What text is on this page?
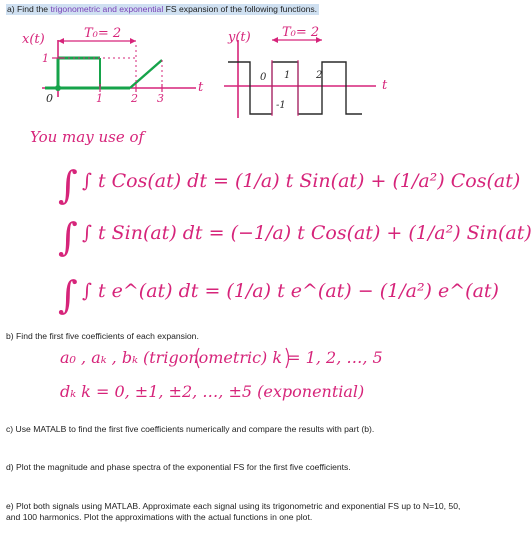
a) Find the trigonometric and exponential FS expansion of the following functions.
b) Find the first five coefficients of each expansion.
c) Use MATALB to find the first five coefficients numerically and compare the results with part (b).
d) Plot the magnitude and phase spectra of the exponential FS for the first five coefficients.
e) Plot both signals using MATLAB. Approximate each signal using its trigonometric and exponential FS up to N=10, 50, and 100 harmonics. Plot the approximations with the actual functions in one plot.
∫
∫
∫
x(t)	T₀= 2
1
0	1	2 3
t
y(t) T₀= 2
0 1	2
-1
t
You may use of
∫ t Cos(at) dt = (1/a) t Sin(at) + (1/a²) Cos(at)
∫ t Sin(at) dt = (−1/a) t Cos(at) + (1/a²) Sin(at)
∫ t e^(at) dt = (1/a) t e^(at) − (1/a²) e^(at)
a₀ , aₖ , bₖ (trigonometric) k = 1, 2, …, 5
dₖ k = 0, ±1, ±2, …, ±5 (exponential)
